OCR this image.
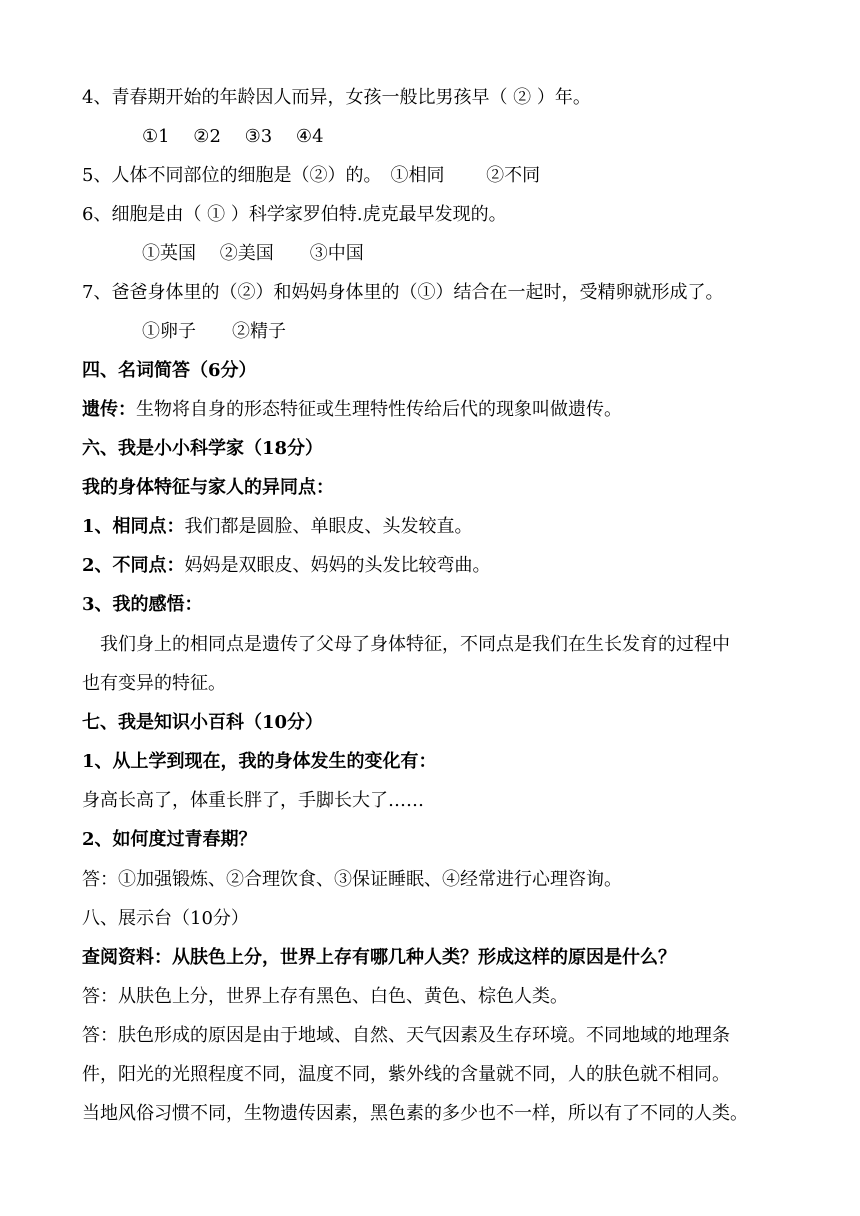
4、青春期开始的年龄因人而异，女孩一般比男孩早（ ② ）年。
①1　 ②2　 ③3　 ④4
5、人体不同部位的细胞是（②）的。　①相同　　 ②不同
6、细胞是由（ ① ）科学家罗伯特.虎克最早发现的。
①英国　 ②美国　　③中国
7、爸爸身体里的（②）和妈妈身体里的（①）结合在一起时，受精卵就形成了。
①卵子　　②精子
四、名词简答（6分）
遗传：生物将自身的形态特征或生理特性传给后代的现象叫做遗传。
六、我是小小科学家（18分）
我的身体特征与家人的异同点：
1、相同点：我们都是圆脸、单眼皮、头发较直。
2、不同点：妈妈是双眼皮、妈妈的头发比较弯曲。
3、我的感悟：
我们身上的相同点是遗传了父母了身体特征，不同点是我们在生长发育的过程中
也有变异的特征。
七、我是知识小百科（10分）
1、从上学到现在，我的身体发生的变化有：
身高长高了，体重长胖了，手脚长大了……
2、如何度过青春期？
答：①加强锻炼、②合理饮食、③保证睡眠、④经常进行心理咨询。
八、展示台（10分）
查阅资料：从肤色上分，世界上存有哪几种人类？形成这样的原因是什么？
答：从肤色上分，世界上存有黑色、白色、黄色、棕色人类。
答：肤色形成的原因是由于地域、自然、天气因素及生存环境。不同地域的地理条
件，阳光的光照程度不同，温度不同，紫外线的含量就不同，人的肤色就不相同。
当地风俗习惯不同，生物遗传因素，黑色素的多少也不一样，所以有了不同的人类。
